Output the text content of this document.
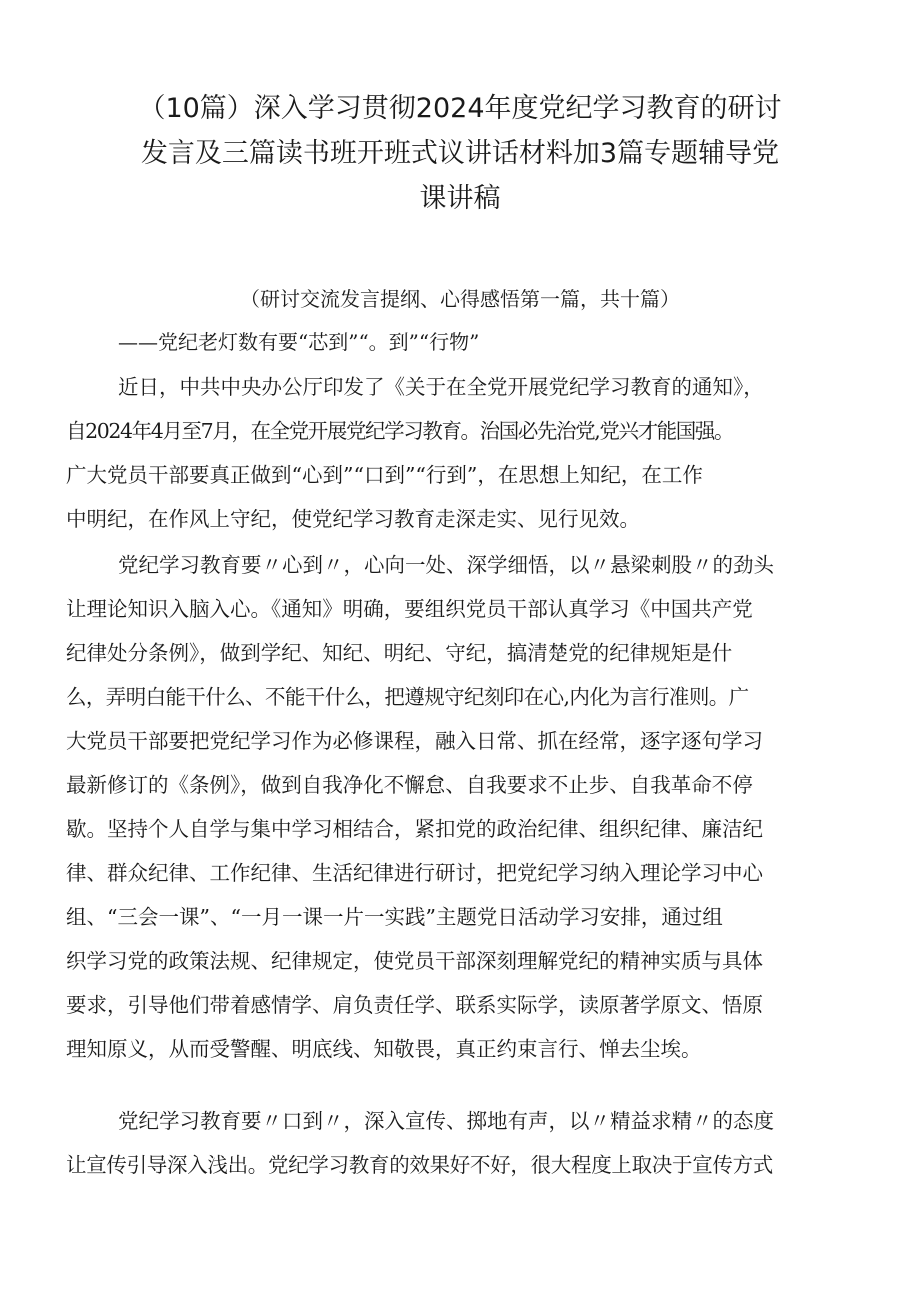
（10篇）深入学习贯彻2024年度党纪学习教育的研讨
发言及三篇读书班开班式议讲话材料加3篇专题辅导党
课讲稿
（研讨交流发言提纲、心得感悟第一篇，共十篇）
——党纪老灯数有要“芯到”“。到”“行物”
近日，中共中央办公厅印发了《关于在全党开展党纪学习教育的通知》，
自2024年4月至7月，在全党开展党纪学习教育。治国必先治党,党兴才能国强。
广大党员干部要真正做到“心到”“口到”“行到”，在思想上知纪，在工作
中明纪，在作风上守纪，使党纪学习教育走深走实、见行见效。
党纪学习教育要〃心到〃，心向一处、深学细悟，以〃悬梁刺股〃的劲头
让理论知识入脑入心。《通知》明确，要组织党员干部认真学习《中国共产党
纪律处分条例》，做到学纪、知纪、明纪、守纪，搞清楚党的纪律规矩是什
么，弄明白能干什么、不能干什么，把遵规守纪刻印在心,内化为言行准则。广
大党员干部要把党纪学习作为必修课程，融入日常、抓在经常，逐字逐句学习
最新修订的《条例》，做到自我净化不懈怠、自我要求不止步、自我革命不停
歇。坚持个人自学与集中学习相结合，紧扣党的政治纪律、组织纪律、廉洁纪
律、群众纪律、工作纪律、生活纪律进行研讨，把党纪学习纳入理论学习中心
组、“三会一课”、“一月一课一片一实践”主题党日活动学习安排，通过组
织学习党的政策法规、纪律规定，使党员干部深刻理解党纪的精神实质与具体
要求，引导他们带着感情学、肩负责任学、联系实际学，读原著学原文、悟原
理知原义，从而受警醒、明底线、知敬畏，真正约束言行、惮去尘埃。
党纪学习教育要〃口到〃，深入宣传、掷地有声，以〃精益求精〃的态度
让宣传引导深入浅出。党纪学习教育的效果好不好，很大程度上取决于宣传方式
